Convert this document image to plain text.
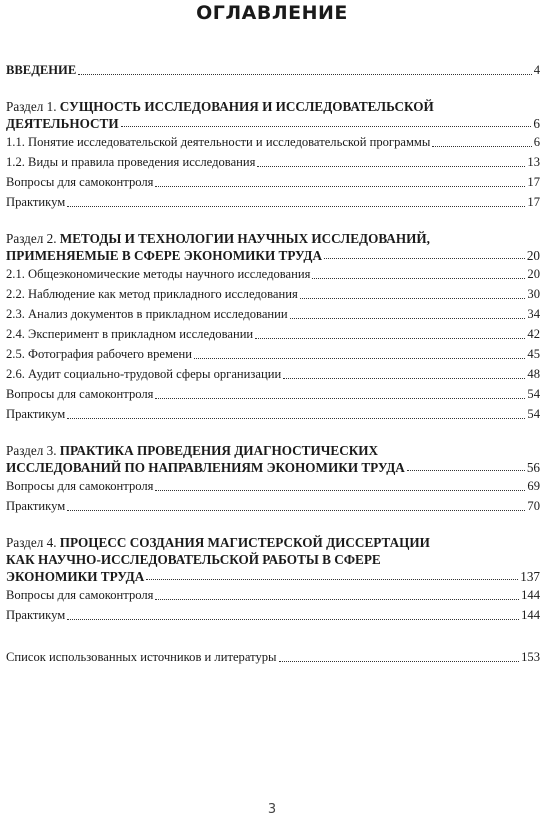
ОГЛАВЛЕНИЕ
ВВЕДЕНИЕ	4
Раздел 1. СУЩНОСТЬ ИССЛЕДОВАНИЯ И ИССЛЕДОВАТЕЛЬСКОЙ
ДЕЯТЕЛЬНОСТИ	6
1.1. Понятие исследовательской деятельности и исследовательской программы	6
1.2. Виды и правила проведения исследования	13
Вопросы для самоконтроля	17
Практикум	17
Раздел 2. МЕТОДЫ И ТЕХНОЛОГИИ НАУЧНЫХ ИССЛЕДОВАНИЙ,
ПРИМЕНЯЕМЫЕ В СФЕРЕ ЭКОНОМИКИ ТРУДА	20
2.1. Общеэкономические методы научного исследования	20
2.2. Наблюдение как метод прикладного исследования	30
2.3. Анализ документов в прикладном исследовании	34
2.4. Эксперимент в прикладном исследовании	42
2.5. Фотография рабочего времени	45
2.6. Аудит социально-трудовой сферы организации	48
Вопросы для самоконтроля	54
Практикум	54
Раздел 3. ПРАКТИКА ПРОВЕДЕНИЯ ДИАГНОСТИЧЕСКИХ
ИССЛЕДОВАНИЙ ПО НАПРАВЛЕНИЯМ ЭКОНОМИКИ ТРУДА	56
Вопросы для самоконтроля	69
Практикум	70
Раздел 4. ПРОЦЕСС СОЗДАНИЯ МАГИСТЕРСКОЙ ДИССЕРТАЦИИ
КАК НАУЧНО-ИССЛЕДОВАТЕЛЬСКОЙ РАБОТЫ В СФЕРЕ
ЭКОНОМИКИ ТРУДА	137
Вопросы для самоконтроля	144
Практикум	144
Список использованных источников и литературы	153
3
